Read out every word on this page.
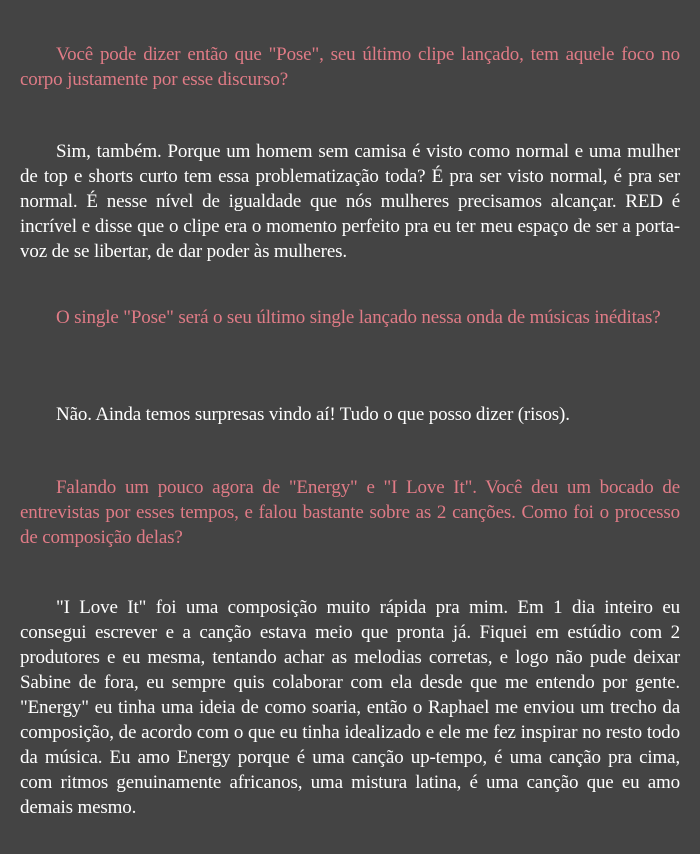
Você pode dizer então que "Pose", seu último clipe lançado, tem aquele foco no corpo justamente por esse discurso?

Sim, também. Porque um homem sem camisa é visto como normal e uma mulher de top e shorts curto tem essa problematização toda? É pra ser visto normal, é pra ser normal. É nesse nível de igualdade que nós mulheres precisamos alcançar. RED é incrível e disse que o clipe era o momento perfeito pra eu ter meu espaço de ser a porta-voz de se libertar, de dar poder às mulheres.

O single "Pose" será o seu último single lançado nessa onda de músicas inéditas?

Não. Ainda temos surpresas vindo aí! Tudo o que posso dizer (risos).

Falando um pouco agora de "Energy" e "I Love It". Você deu um bocado de entrevistas por esses tempos, e falou bastante sobre as 2 canções. Como foi o processo de composição delas?

"I Love It" foi uma composição muito rápida pra mim. Em 1 dia inteiro eu consegui escrever e a canção estava meio que pronta já. Fiquei em estúdio com 2 produtores e eu mesma, tentando achar as melodias corretas, e logo não pude deixar Sabine de fora, eu sempre quis colaborar com ela desde que me entendo por gente. "Energy" eu tinha uma ideia de como soaria, então o Raphael me enviou um trecho da composição, de acordo com o que eu tinha idealizado e ele me fez inspirar no resto todo da música. Eu amo Energy porque é uma canção up-tempo, é uma canção pra cima, com ritmos genuinamente africanos, uma mistura latina, é uma canção que eu amo demais mesmo.
